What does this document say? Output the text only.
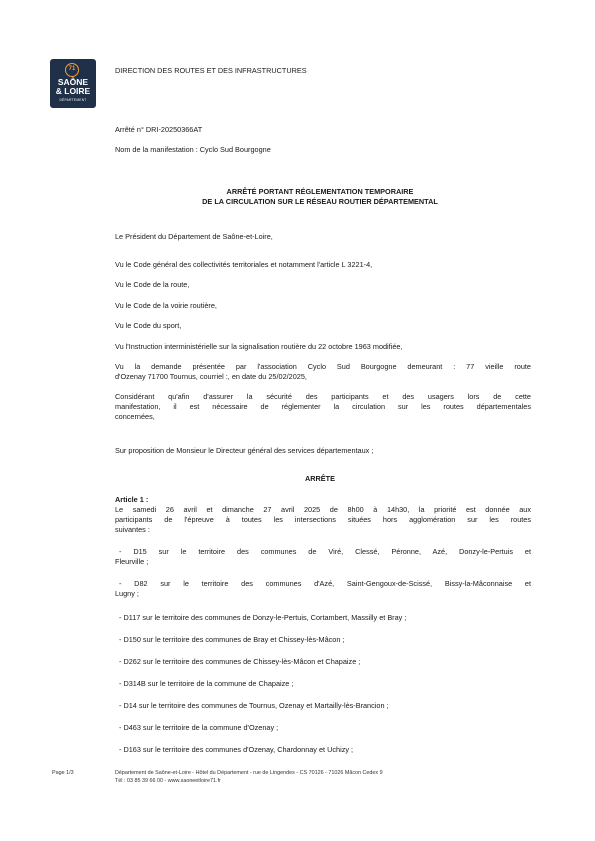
71
SAÔNE
& LOIRE
DÉPARTEMENT
DIRECTION DES ROUTES ET DES INFRASTRUCTURES
Arrêté n° DRI-20250366AT
Nom de la manifestation : Cyclo Sud Bourgogne
ARRÊTÉ PORTANT RÉGLEMENTATION TEMPORAIRE
DE LA CIRCULATION SUR LE RÉSEAU ROUTIER DÉPARTEMENTAL
Le Président du Département de Saône-et-Loire,
Vu le Code général des collectivités territoriales et notamment l'article L 3221-4,
Vu le Code de la route,
Vu le Code de la voirie routière,
Vu le Code du sport,
Vu l'Instruction interministérielle sur la signalisation routière du 22 octobre 1963 modifiée,
Vu la demande présentée par l'association Cyclo Sud Bourgogne demeurant : 77 vieille route
d'Ozenay 71700 Tournus, courriel :, en date du 25/02/2025,
Considérant qu'afin d'assurer la sécurité des participants et des usagers lors de cette
manifestation, il est nécessaire de réglementer la circulation sur les routes départementales
concernées,
Sur proposition de Monsieur le Directeur général des services départementaux ;
ARRÊTE
Article 1 :
Le samedi 26 avril et dimanche 27 avril 2025 de 8h00 à 14h30, la priorité est donnée aux
participants de l'épreuve à toutes les intersections situées hors agglomération sur les routes
suivantes :
- D15 sur le territoire des communes de Viré, Clessé, Péronne, Azé, Donzy-le-Pertuis et
Fleurville ;
- D82 sur le territoire des communes d'Azé, Saint-Gengoux-de-Scissé, Bissy-la-Mâconnaise et
Lugny ;
- D117 sur le territoire des communes de Donzy-le-Pertuis, Cortambert, Massilly et Bray ;
- D150 sur le territoire des communes de Bray et Chissey-lès-Mâcon ;
- D262 sur le territoire des communes de Chissey-lès-Mâcon et Chapaize ;
- D314B sur le territoire de la commune de Chapaize ;
- D14 sur le territoire des communes de Tournus, Ozenay et Martailly-lès-Brancion ;
- D463 sur le territoire de la commune d'Ozenay ;
- D163 sur le territoire des communes d'Ozenay, Chardonnay et Uchizy ;
Page 1/3	Département de Saône-et-Loire - Hôtel du Département - rue de Lingendes - CS 70126 - 71026 Mâcon Cedex 9
Tél : 03 85 39 66 00 - www.saoneetloire71.fr
